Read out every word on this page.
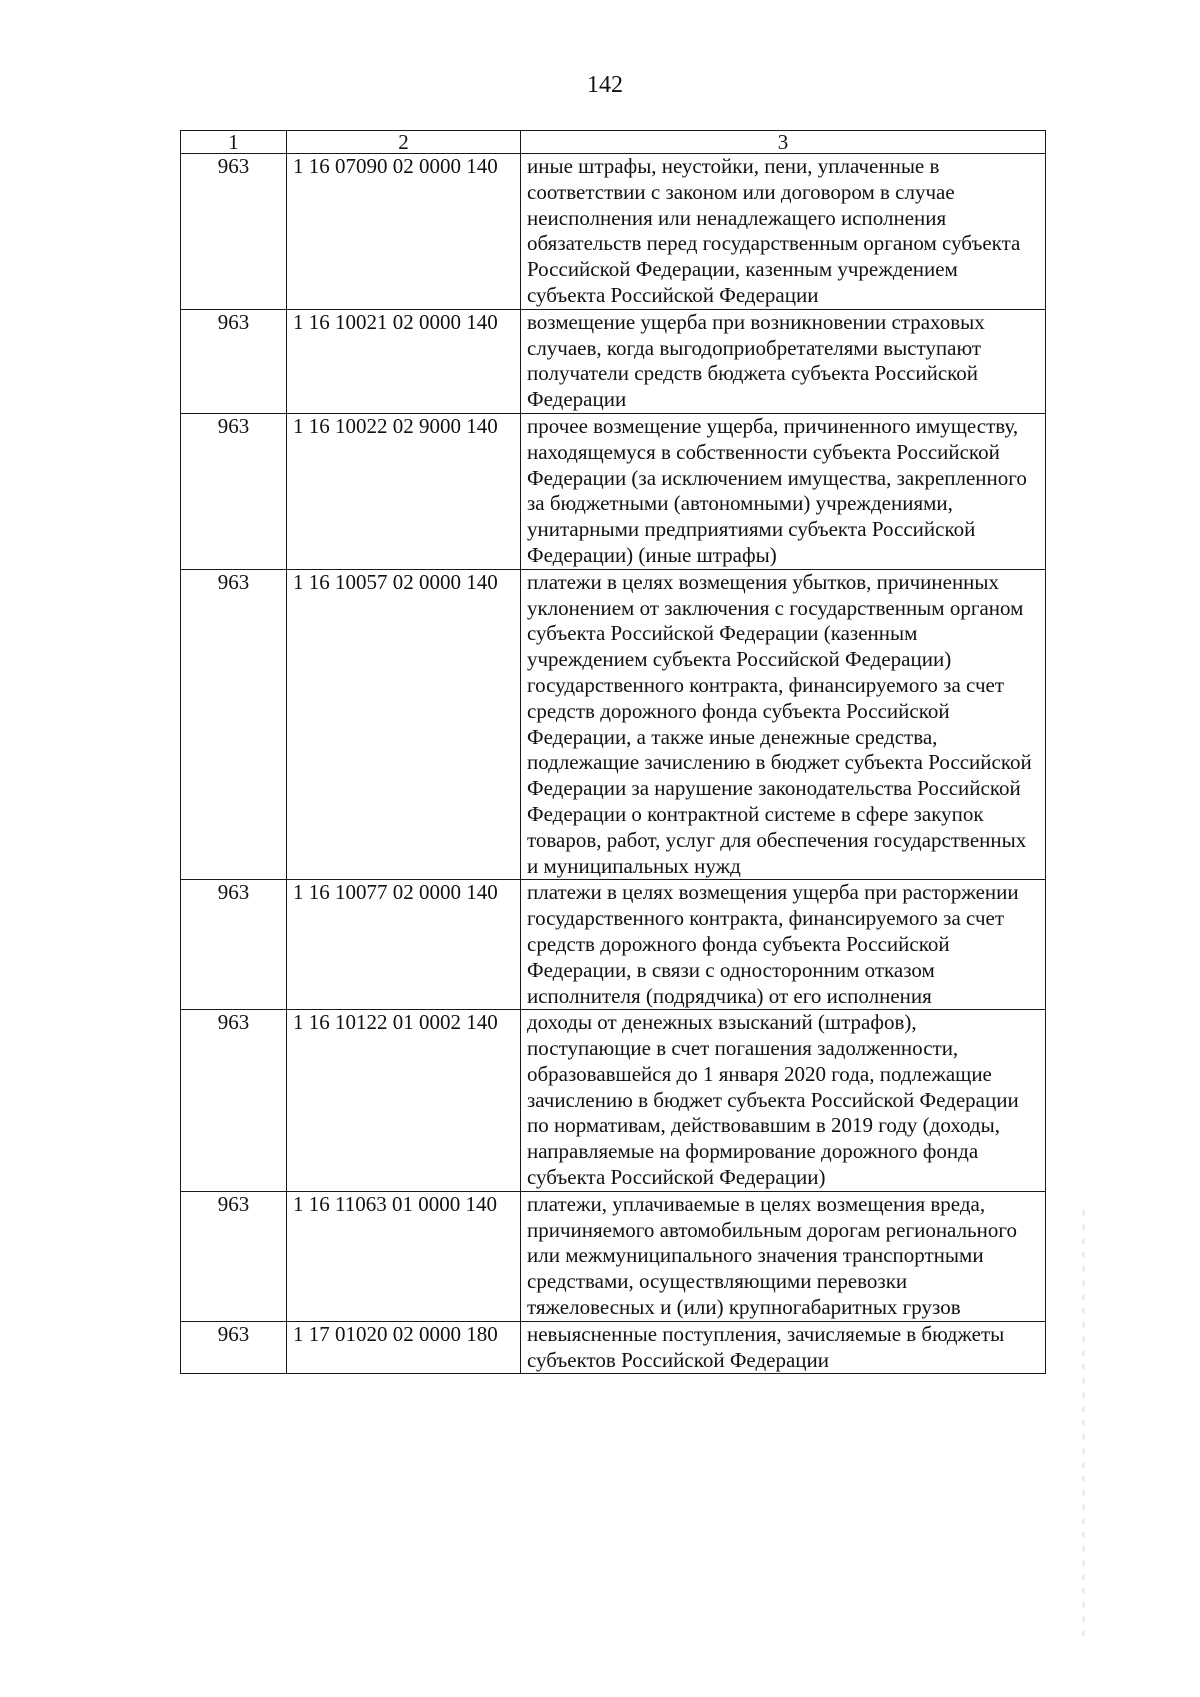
142
1	2	3
963	1 16 07090 02 0000 140	иные штрафы, неустойки, пени, уплаченные в соответствии с законом или договором в случае неисполнения или ненадлежащего исполнения обязательств перед государственным органом субъекта Российской Федерации, казенным учреждением субъекта Российской Федерации
963	1 16 10021 02 0000 140	возмещение ущерба при возникновении страховых случаев, когда выгодоприобретателями выступают получатели средств бюджета субъекта Российской Федерации
963	1 16 10022 02 9000 140	прочее возмещение ущерба, причиненного имуществу, находящемуся в собственности субъекта Российской Федерации (за исключением имущества, закрепленного за бюджетными (автономными) учреждениями, унитарными предприятиями субъекта Российской Федерации) (иные штрафы)
963	1 16 10057 02 0000 140	платежи в целях возмещения убытков, причиненных уклонением от заключения с государственным органом субъекта Российской Федерации (казенным учреждением субъекта Российской Федерации) государственного контракта, финансируемого за счет средств дорожного фонда субъекта Российской Федерации, а также иные денежные средства, подлежащие зачислению в бюджет субъекта Российской Федерации за нарушение законодательства Российской Федерации о контрактной системе в сфере закупок товаров, работ, услуг для обеспечения государственных и муниципальных нужд
963	1 16 10077 02 0000 140	платежи в целях возмещения ущерба при расторжении государственного контракта, финансируемого за счет средств дорожного фонда субъекта Российской Федерации, в связи с односторонним отказом исполнителя (подрядчика) от его исполнения
963	1 16 10122 01 0002 140	доходы от денежных взысканий (штрафов), поступающие в счет погашения задолженности, образовавшейся до 1 января 2020 года, подлежащие зачислению в бюджет субъекта Российской Федерации по нормативам, действовавшим в 2019 году (доходы, направляемые на формирование дорожного фонда субъекта Российской Федерации)
963	1 16 11063 01 0000 140	платежи, уплачиваемые в целях возмещения вреда, причиняемого автомобильным дорогам регионального или межмуниципального значения транспортными средствами, осуществляющими перевозки тяжеловесных и (или) крупногабаритных грузов
963	1 17 01020 02 0000 180	невыясненные поступления, зачисляемые в бюджеты субъектов Российской Федерации
